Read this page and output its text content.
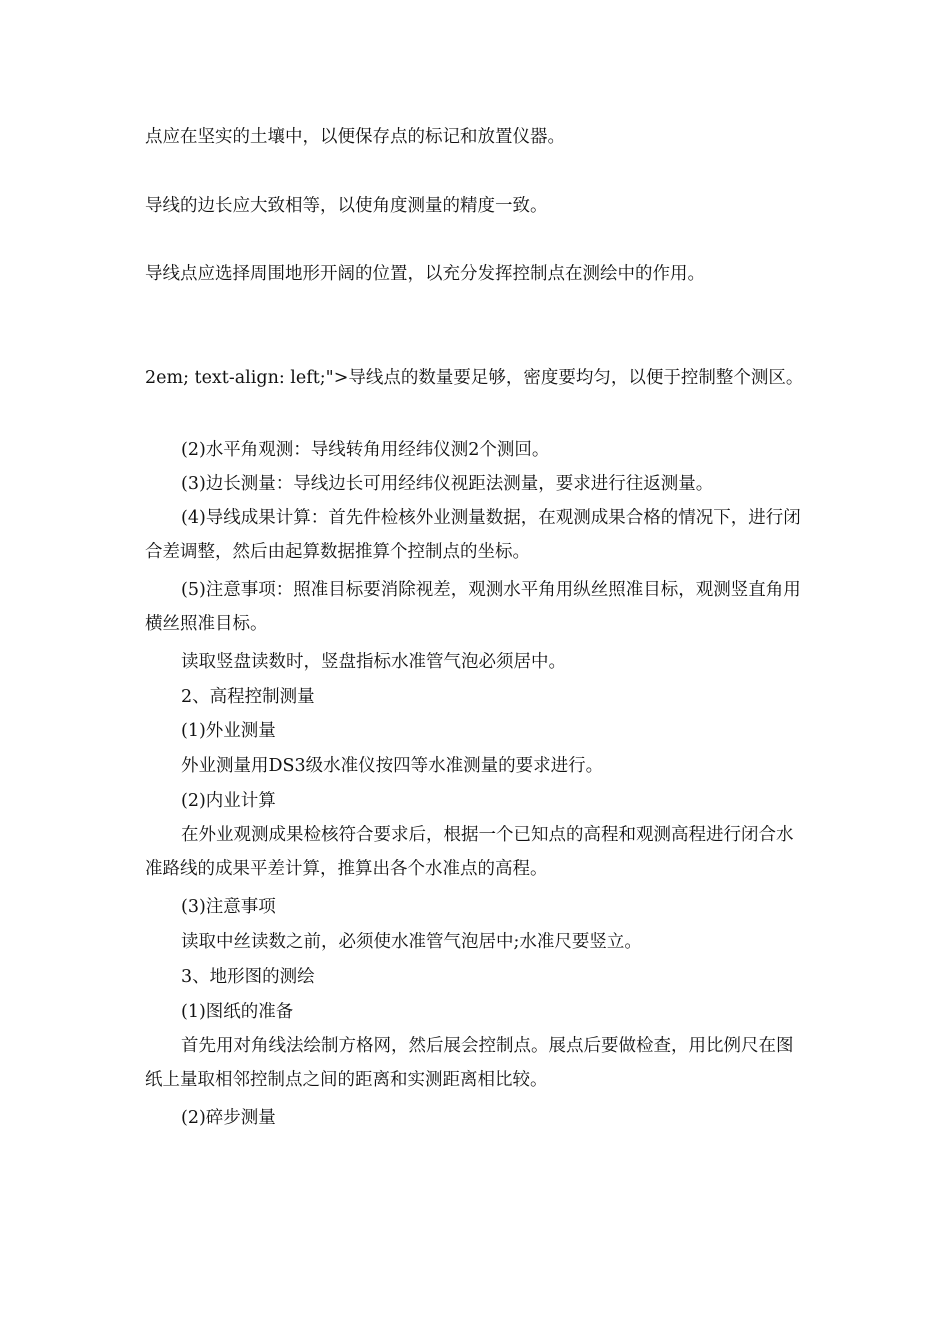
点应在坚实的土壤中，以便保存点的标记和放置仪器。

导线的边长应大致相等，以使角度测量的精度一致。

导线点应选择周围地形开阔的位置，以充分发挥控制点在测绘中的作用。

2em; text-align: left;">导线点的数量要足够，密度要均匀，以便于控制整个测区。

(2)水平角观测：导线转角用经纬仪测2个测回。

(3)边长测量：导线边长可用经纬仪视距法测量，要求进行往返测量。

(4)导线成果计算：首先件检核外业测量数据，在观测成果合格的情况下，进行闭合差调整，然后由起算数据推算个控制点的坐标。

(5)注意事项：照准目标要消除视差，观测水平角用纵丝照准目标，观测竖直角用横丝照准目标。

读取竖盘读数时，竖盘指标水准管气泡必须居中。

2、高程控制测量

(1)外业测量

外业测量用DS3级水准仪按四等水准测量的要求进行。

(2)内业计算

在外业观测成果检核符合要求后，根据一个已知点的高程和观测高程进行闭合水准路线的成果平差计算，推算出各个水准点的高程。

(3)注意事项

读取中丝读数之前，必须使水准管气泡居中;水准尺要竖立。

3、地形图的测绘

(1)图纸的准备

首先用对角线法绘制方格网，然后展会控制点。展点后要做检查，用比例尺在图纸上量取相邻控制点之间的距离和实测距离相比较。

(2)碎步测量
